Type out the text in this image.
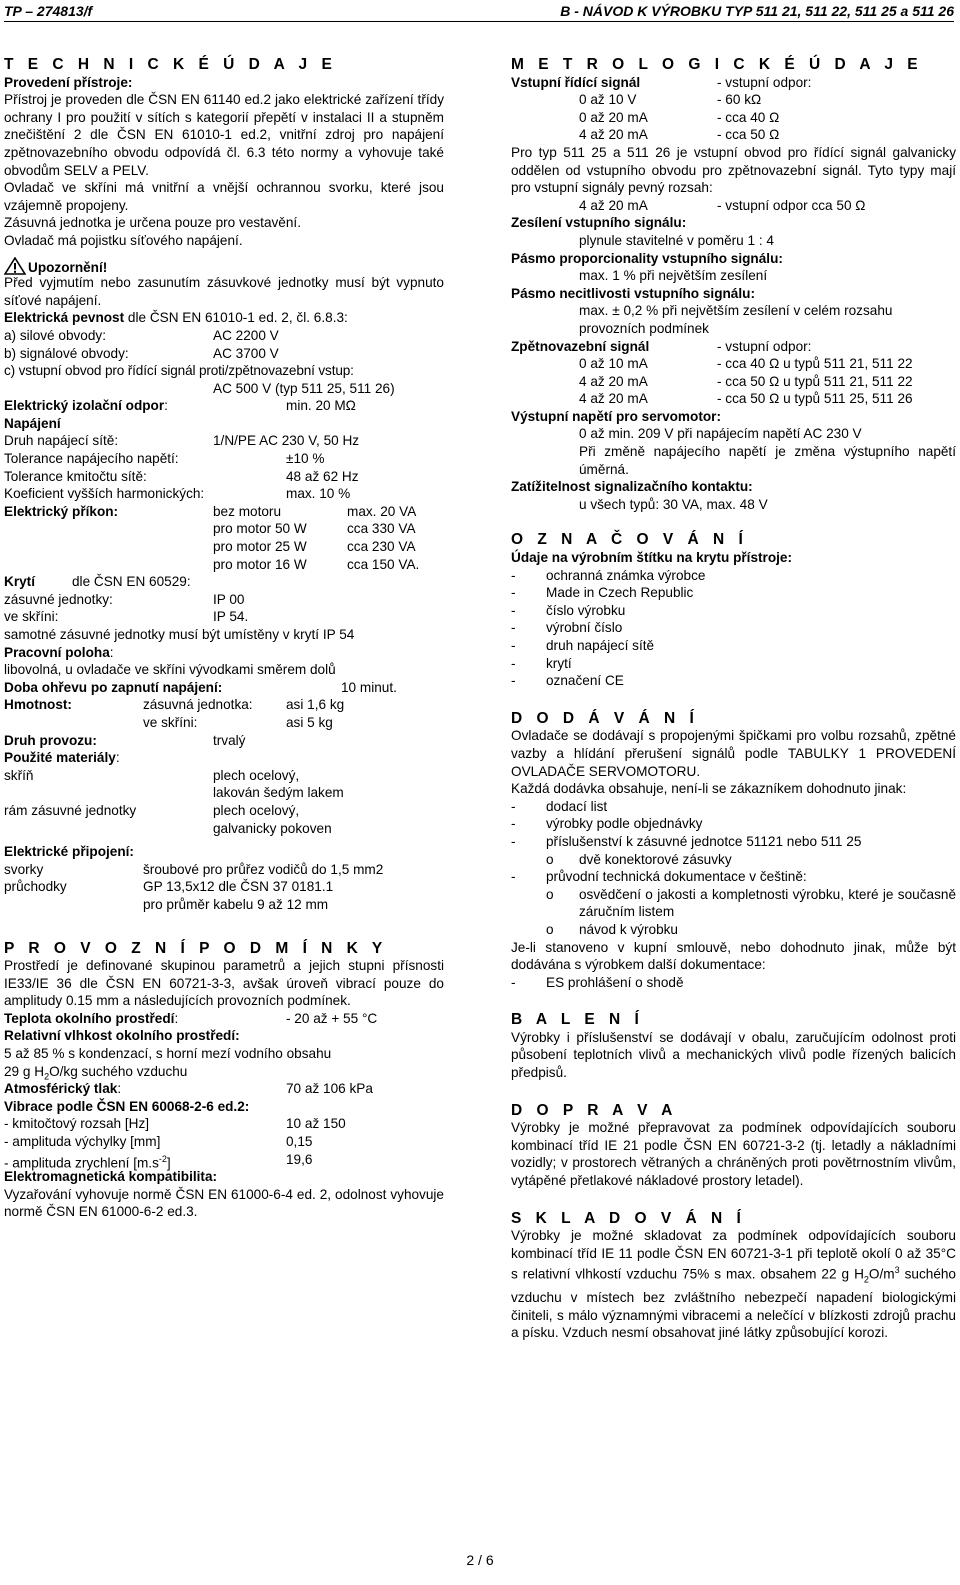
TP – 274813/f	B - NÁVOD K VÝROBKU TYP 511 21, 511 22, 511 25 a 511 26
T E C H N I C K É Ú D A J E
Provedení přístroje:
Přístroj je proveden dle ČSN EN 61140 ed.2 jako elektrické zařízení třídy ochrany I pro použití v sítích s kategorií přepětí v instalaci II a stupněm znečištění 2 dle ČSN EN 61010-1 ed.2, vnitřní zdroj pro napájení zpětnovazebního obvodu odpovídá čl. 6.3 této normy a vyhovuje také obvodům SELV a PELV.
Ovladač ve skříni má vnitřní a vnější ochrannou svorku, které jsou vzájemně propojeny.
Zásuvná jednotka je určena pouze pro vestavění.
Ovladač má pojistku síťového napájení.
Upozornění!
Před vyjmutím nebo zasunutím zásuvkové jednotky musí být vypnuto síťové napájení.
Elektrická pevnost dle ČSN EN 61010-1 ed. 2, čl. 6.8.3:
a) silové obvody:	AC 2200 V
b) signálové obvody:	AC 3700 V
c) vstupní obvod pro řídící signál proti/zpětnovazební vstup:
AC 500 V (typ 511 25, 511 26)
Elektrický izolační odpor:	min. 20 MΩ
Napájení
Druh napájecí sítě:	1/N/PE AC 230 V, 50 Hz
Tolerance napájecího napětí:	±10 %
Tolerance kmitočtu sítě:	48 až 62 Hz
Koeficient vyšších harmonických:	max. 10 %
Elektrický příkon:	bez motoru	max. 20 VA
pro motor 50 W	cca 330 VA
pro motor 25 W	cca 230 VA
pro motor 16 W	cca 150 VA.
Krytí	dle ČSN EN 60529:
zásuvné jednotky:	IP 00
ve skříni:	IP 54.
samotné zásuvné jednotky musí být umístěny v krytí IP 54
Pracovní poloha:
libovolná, u ovladače ve skříni vývodkami směrem dolů
Doba ohřevu po zapnutí napájení:	10 minut.
Hmotnost:	zásuvná jednotka: asi 1,6 kg
ve skříni:	asi 5 kg
Druh provozu:	trvalý
Použité materiály:
skříň	plech ocelový,
lakován šedým lakem
rám zásuvné jednotky	plech ocelový,
galvanicky pokoven
Elektrické připojení:
svorky	šroubové pro průřez vodičů do 1,5 mm2
průchodky	GP 13,5x12 dle ČSN 37 0181.1
pro průměr kabelu 9 až 12 mm
P R O V O Z N Í P O D M Í N K Y
Prostředí je definované skupinou parametrů a jejich stupni přísnosti IE33/IE 36 dle ČSN EN 60721-3-3, avšak úroveň vibrací pouze do amplitudy 0.15 mm a následujících provozních podmínek.
Teplota okolního prostředí:	- 20 až + 55 °C
Relativní vlhkost okolního prostředí:
5 až 85 % s kondenzací, s horní mezí vodního obsahu
29 g $H_2O/kg$ suchého vzduchu
Atmosférický tlak:	70 až 106 kPa
Vibrace podle ČSN EN 60068-2-6 ed.2:
- kmitočtový rozsah [Hz]	10 až 150
- amplituda výchylky [mm]	0,15
- amplituda zrychlení $[m.s^{-2}]$	19,6
Elektromagnetická kompatibilita:
Vyzařování vyhovuje normě ČSN EN 61000-6-4 ed. 2, odolnost vyhovuje normě ČSN EN 61000-6-2 ed.3.
M E T R O L O G I C K É Ú D A J E
Vstupní řídící signál	- vstupní odpor:
0 až 10 V	- 60 kΩ
0 až 20 mA	- cca 40 Ω
4 až 20 mA	- cca 50 Ω
Pro typ 511 25 a 511 26 je vstupní obvod pro řídící signál galvanicky oddělen od vstupního obvodu pro zpětnovazební signál. Tyto typy mají pro vstupní signály pevný rozsah:
4 až 20 mA	- vstupní odpor cca 50 Ω
Zesílení vstupního signálu:
plynule stavitelné v poměru 1 : 4
Pásmo proporcionality vstupního signálu:
max. 1 % při největším zesílení
Pásmo necitlivosti vstupního signálu:
max. ± 0,2 % při největším zesílení v celém rozsahu
provozních podmínek
Zpětnovazební signál	- vstupní odpor:
0 až 10 mA	- cca 40 Ω u typů 511 21, 511 22
4 až 20 mA	- cca 50 Ω u typů 511 21, 511 22
4 až 20 mA	- cca 50 Ω u typů 511 25, 511 26
Výstupní napětí pro servomotor:
0 až min. 209 V při napájecím napětí AC 230 V
Při změně napájecího napětí je změna výstupního napětí úměrná.
Zatížitelnost signalizačního kontaktu:
u všech typů: 30 VA, max. 48 V
O Z N A Č O V Á N Í
Údaje na výrobním štítku na krytu přístroje:
- ochranná známka výrobce
- Made in Czech Republic
- číslo výrobku
- výrobní číslo
- druh napájecí sítě
- krytí
- označení CE
D O D Á V Á N Í
Ovladače se dodávají s propojenými špičkami pro volbu rozsahů, zpětné vazby a hlídání přerušení signálů podle TABULKY 1 PROVEDENÍ OVLADAČE SERVOMOTORU.
Každá dodávka obsahuje, není-li se zákazníkem dohodnuto jinak:
- dodací list
- výrobky podle objednávky
- příslušenství k zásuvné jednotce 51121 nebo 511 25
o dvě konektorové zásuvky
- průvodní technická dokumentace v češtině:
o	osvědčení o jakosti a kompletnosti výrobku, které je současně záručním listem
o návod k výrobku
Je-li stanoveno v kupní smlouvě, nebo dohodnuto jinak, může být dodávána s výrobkem další dokumentace:
- ES prohlášení o shodě
B A L E N Í
Výrobky i příslušenství se dodávají v obalu, zaručujícím odolnost proti působení teplotních vlivů a mechanických vlivů podle řízených balicích předpisů.
D O P R A V A
Výrobky je možné přepravovat za podmínek odpovídajících souboru kombinací tříd IE 21 podle ČSN EN 60721-3-2 (tj. letadly a nákladními vozidly; v prostorech větraných a chráněných proti povětrnostním vlivům, vytápěné přetlakové nákladové prostory letadel).
S K L A D O V Á N Í
Výrobky je možné skladovat za podmínek odpovídajících souboru kombinací tříd IE 11 podle ČSN EN 60721-3-1 při teplotě okolí 0 až 35°C s relativní vlhkostí vzduchu 75% s max. obsahem 22 g $H_2O/m^3$ suchého vzduchu v místech bez zvláštního nebezpečí napadení biologickými činiteli, s málo významnými vibracemi a nelečící v blízkosti zdrojů prachu a písku. Vzduch nesmí obsahovat jiné látky způsobující korozi.
2 / 6
